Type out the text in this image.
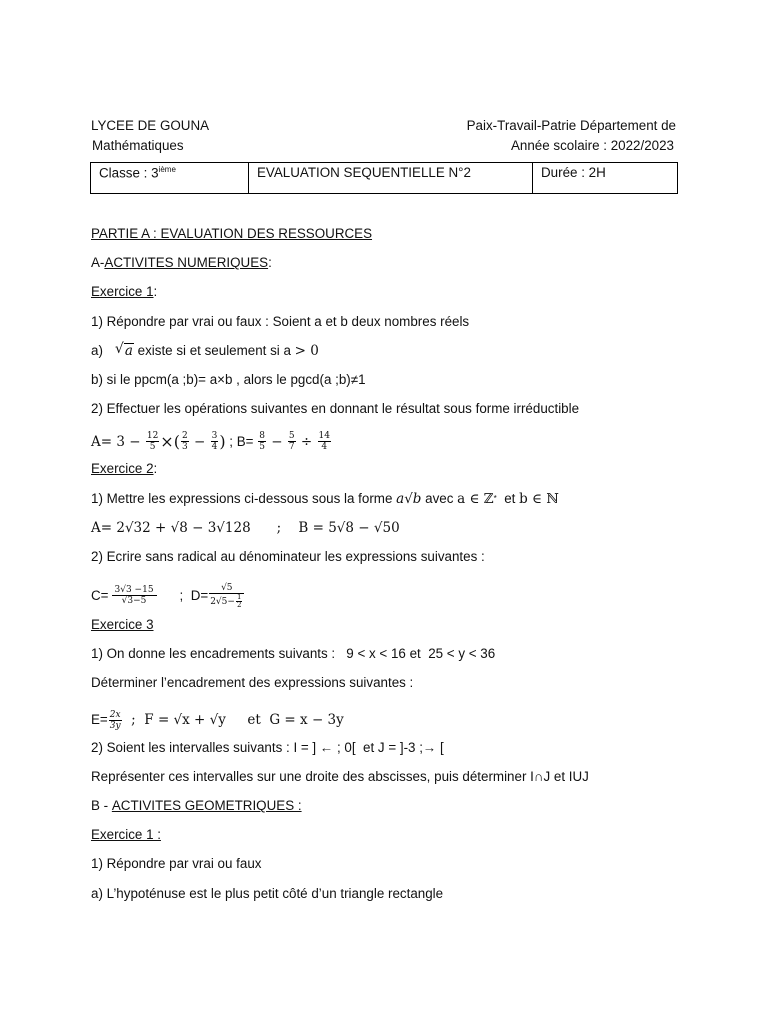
LYCEE DE GOUNA	Paix-Travail-Patrie Département de
Mathématiques	Année scolaire : 2022/2023
Classe : 3ième	EVALUATION SEQUENTIELLE N°2	Durée : 2H
PARTIE A : EVALUATION DES RESSOURCES
A- ACTIVITES NUMERIQUES :
Exercice 1 :
1) Répondre par vrai ou faux : Soient a et b deux nombres réels
a) √ a existe si et seulement si a > 0
b) si le ppcm(a ;b)= a×b , alors le pgcd(a ;b)≠1
2) Effectuer les opérations suivantes en donnant le résultat sous forme irréductible
$A= 3 - \frac{12}{5}$ ×( $\frac{2}{3} - \frac{3}{4}$ ) ; $B= \frac{8}{5} - \frac{5}{7} \div \frac{14}{4}$
Exercice 2 :
1) Mettre les expressions ci-dessous sous la forme a√b avec a ∈ ℤ * et b ∈ ℕ
A= 2√32 + √8 − 3√128 ;    B = 5√8 − √50
2) Ecrire sans radical au dénominateur les expressions suivantes :
$C= \frac{3√3 -15}{√3-5}$ ;  $D= \frac{√5}{2√5- \frac{1}{2}}$
Exercice 3
1) On donne les encadrements suivants :   9 < x < 16 et  25 < y < 36
Déterminer l’encadrement des expressions suivantes :
$E= \frac{2x}{3y}$ ;  F = √x + √y et  G = x − 3y
2) Soient les intervalles suivants : I = ] ← ; 0[  et J = ]-3 ;→ [
Représenter ces intervalles sur une droite des abscisses, puis déterminer I∩J et IUJ
B - ACTIVITES GEOMETRIQUES :
Exercice 1 :
1) Répondre par vrai ou faux
a) L’hypoténuse est le plus petit côté d’un triangle rectangle
